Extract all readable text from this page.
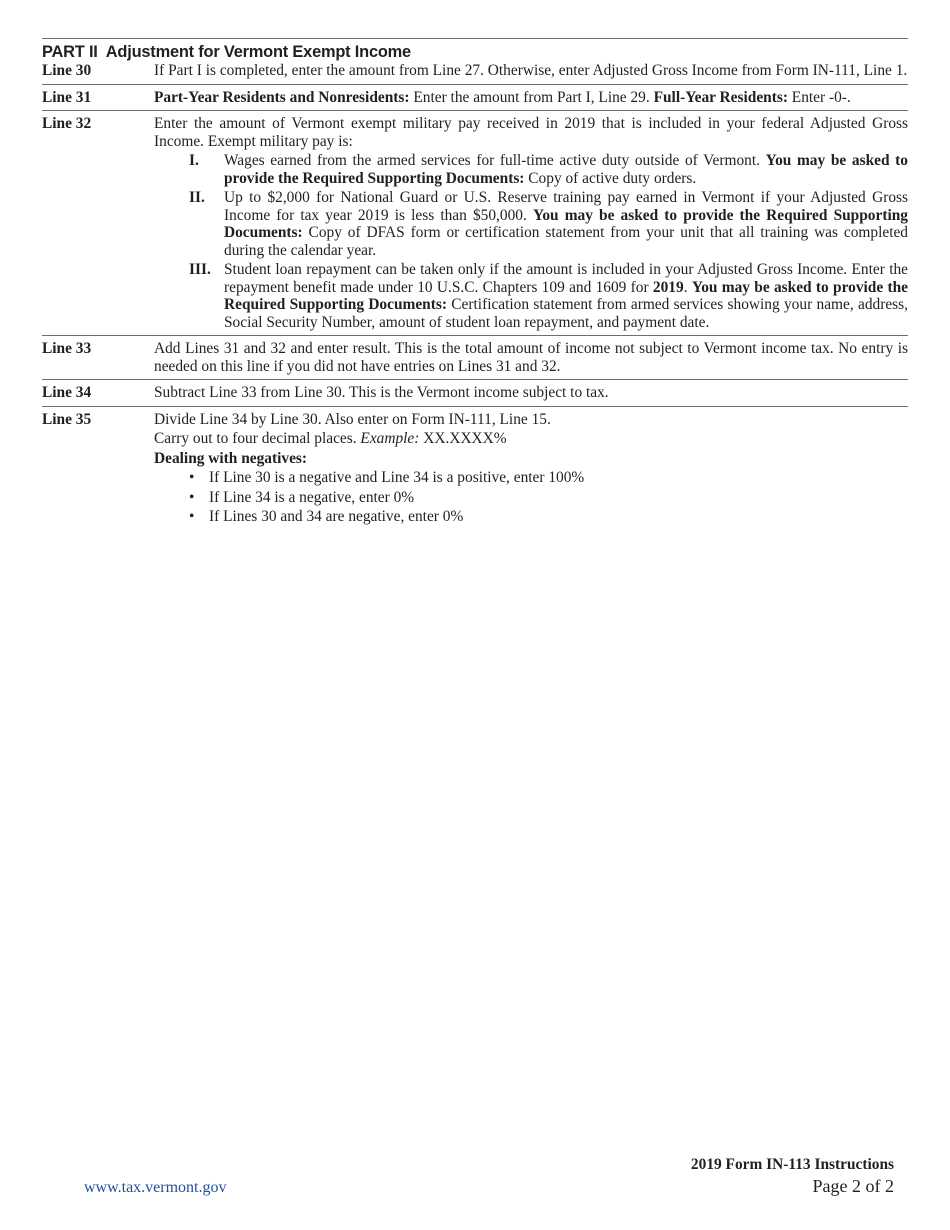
PART II Adjustment for Vermont Exempt Income
Line 30	If Part I is completed, enter the amount from Line 27. Otherwise, enter Adjusted Gross Income from Form IN-111, Line 1.
Line 31	Part-Year Residents and Nonresidents: Enter the amount from Part I, Line 29. Full-Year Residents: Enter -0-.
Line 32	Enter the amount of Vermont exempt military pay received in 2019 that is included in your federal Adjusted Gross Income. Exempt military pay is:
I.	Wages earned from the armed services for full-time active duty outside of Vermont. You may be asked to provide the Required Supporting Documents: Copy of active duty orders.
II.	Up to $2,000 for National Guard or U.S. Reserve training pay earned in Vermont if your Adjusted Gross Income for tax year 2019 is less than $50,000. You may be asked to provide the Required Supporting Documents: Copy of DFAS form or certification statement from your unit that all training was completed during the calendar year.
III. Student loan repayment can be taken only if the amount is included in your Adjusted Gross Income. Enter the repayment benefit made under 10 U.S.C. Chapters 109 and 1609 for 2019. You may be asked to provide the Required Supporting Documents: Certification statement from armed services showing your name, address, Social Security Number, amount of student loan repayment, and payment date.
Line 33	Add Lines 31 and 32 and enter result. This is the total amount of income not subject to Vermont income tax. No entry is needed on this line if you did not have entries on Lines 31 and 32.
Line 34	Subtract Line 33 from Line 30. This is the Vermont income subject to tax.
Line 35	Divide Line 34 by Line 30. Also enter on Form IN-111, Line 15.
Carry out to four decimal places. Example: XX.XXXX%
Dealing with negatives:
• If Line 30 is a negative and Line 34 is a positive, enter 100%
• If Line 34 is a negative, enter 0%
• If Lines 30 and 34 are negative, enter 0%
www.tax.vermont.gov
2019 Form IN-113 Instructions
Page 2 of 2
